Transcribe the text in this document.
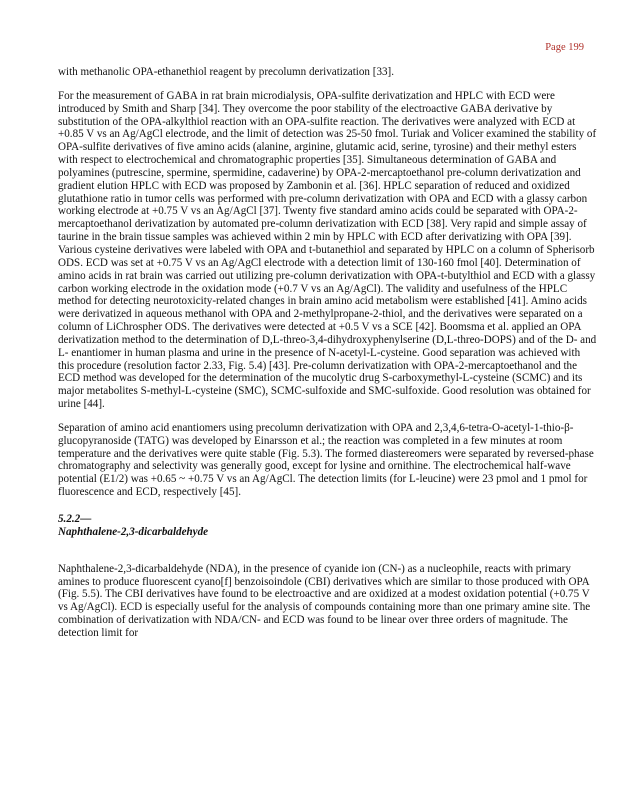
Page 199

with methanolic OPA-ethanethiol reagent by precolumn derivatization [33].

For the measurement of GABA in rat brain microdialysis, OPA-sulfite derivatization and HPLC with ECD were introduced by Smith and Sharp [34]. They overcome the poor stability of the electroactive GABA derivative by substitution of the OPA-alkylthiol reaction with an OPA-sulfite reaction. The derivatives were analyzed with ECD at +0.85 V vs an Ag/AgCl electrode, and the limit of detection was 25-50 fmol. Turiak and Volicer examined the stability of OPA-sulfite derivatives of five amino acids (alanine, arginine, glutamic acid, serine, tyrosine) and their methyl esters with respect to electrochemical and chromatographic properties [35]. Simultaneous determination of GABA and polyamines (putrescine, spermine, spermidine, cadaverine) by OPA-2-mercaptoethanol pre-column derivatization and gradient elution HPLC with ECD was proposed by Zambonin et al. [36]. HPLC separation of reduced and oxidized glutathione ratio in tumor cells was performed with pre-column derivatization with OPA and ECD with a glassy carbon working electrode at +0.75 V vs an Ag/AgCl [37]. Twenty five standard amino acids could be separated with OPA-2-mercaptoethanol derivatization by automated pre-column derivatization with ECD [38]. Very rapid and simple assay of taurine in the brain tissue samples was achieved within 2 min by HPLC with ECD after derivatizing with OPA [39]. Various cysteine derivatives were labeled with OPA and t-butanethiol and separated by HPLC on a column of Spherisorb ODS. ECD was set at +0.75 V vs an Ag/AgCl electrode with a detection limit of 130-160 fmol [40]. Determination of amino acids in rat brain was carried out utilizing pre-column derivatization with OPA-t-butylthiol and ECD with a glassy carbon working electrode in the oxidation mode (+0.7 V vs an Ag/AgCl). The validity and usefulness of the HPLC method for detecting neurotoxicity-related changes in brain amino acid metabolism were established [41]. Amino acids were derivatized in aqueous methanol with OPA and 2-methylpropane-2-thiol, and the derivatives were separated on a column of LiChrospher ODS. The derivatives were detected at +0.5 V vs a SCE [42]. Boomsma et al. applied an OPA derivatization method to the determination of D,L-threo-3,4-dihydroxyphenylserine (D,L-threo-DOPS) and of the D- and L- enantiomer in human plasma and urine in the presence of N-acetyl-L-cysteine. Good separation was achieved with this procedure (resolution factor 2.33, Fig. 5.4) [43]. Pre-column derivatization with OPA-2-mercaptoethanol and the ECD method was developed for the determination of the mucolytic drug S-carboxymethyl-L-cysteine (SCMC) and its major metabolites S-methyl-L-cysteine (SMC), SCMC-sulfoxide and SMC-sulfoxide. Good resolution was obtained for urine [44].

Separation of amino acid enantiomers using precolumn derivatization with OPA and 2,3,4,6-tetra-O-acetyl-1-thio-β-glucopyranoside (TATG) was developed by Einarsson et al.; the reaction was completed in a few minutes at room temperature and the derivatives were quite stable (Fig. 5.3). The formed diastereomers were separated by reversed-phase chromatography and selectivity was generally good, except for lysine and ornithine. The electrochemical half-wave potential (E1/2) was +0.65 ~ +0.75 V vs an Ag/AgCl. The detection limits (for L-leucine) were 23 pmol and 1 pmol for fluorescence and ECD, respectively [45].

5.2.2—
Naphthalene-2,3-dicarbaldehyde

Naphthalene-2,3-dicarbaldehyde (NDA), in the presence of cyanide ion (CN-) as a nucleophile, reacts with primary amines to produce fluorescent cyano[f] benzoisoindole (CBI) derivatives which are similar to those produced with OPA (Fig. 5.5). The CBI derivatives have found to be electroactive and are oxidized at a modest oxidation potential (+0.75 V vs Ag/AgCl). ECD is especially useful for the analysis of compounds containing more than one primary amine site. The combination of derivatization with NDA/CN- and ECD was found to be linear over three orders of magnitude. The detection limit for
